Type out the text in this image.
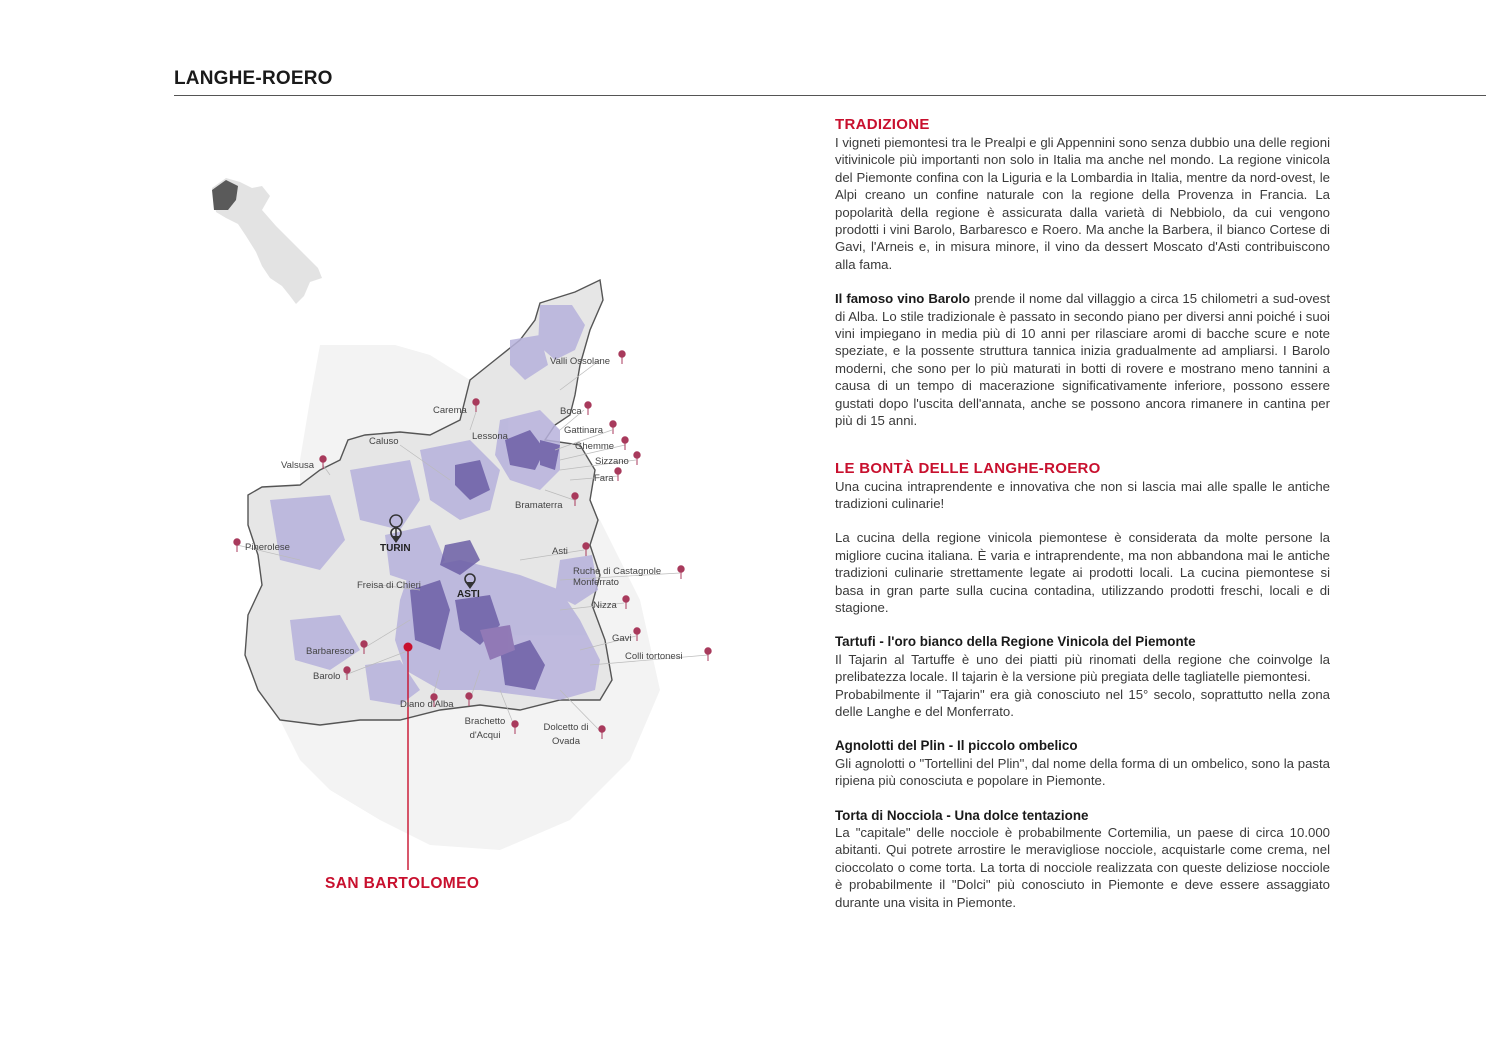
LANGHE-ROERO
Valli Ossolane
Carema	Boca
Caluso	Lessona
Gattinara
Ghemme
Valsusa	Sizzano
Fara
Bramaterra
Pinerolese	TURIN	Asti
Ruchè di Castagnole
Monferrato
Freisa di Chieri
ASTI
Nizza
Gavi
Colli tortonesi
Barbaresco
Barolo
Diano d'Alba
Brachetto
d'Acqui
Dolcetto di
Ovada
SAN BARTOLOMEO
TRADIZIONE

I vigneti piemontesi tra le Prealpi e gli Appennini sono senza dubbio una delle regioni vitivinicole più importanti non solo in Italia ma anche nel mondo. La regione vinicola del Piemonte confina con la Liguria e la Lombardia in Italia, mentre da nord-ovest, le Alpi creano un confine naturale con la regione della Provenza in Francia. La popolarità della regione è assicurata dalla varietà di Nebbiolo, da cui vengono prodotti i vini Barolo, Barbaresco e Roero. Ma anche la Barbera, il bianco Cortese di Gavi, l'Arneis e, in misura minore, il vino da dessert Moscato d'Asti contribuiscono alla fama.

Il famoso vino Barolo prende il nome dal villaggio a circa 15 chilometri a sud-ovest di Alba. Lo stile tradizionale è passato in secondo piano per diversi anni poiché i suoi vini impiegano in media più di 10 anni per rilasciare aromi di bacche scure e note speziate, e la possente struttura tannica inizia gradualmente ad ampliarsi. I Barolo moderni, che sono per lo più maturati in botti di rovere e mostrano meno tannini a causa di un tempo di macerazione significativamente inferiore, possono essere gustati dopo l'uscita dell'annata, anche se possono ancora rimanere in cantina per più di 15 anni.

LE BONTÀ DELLE LANGHE-ROERO

Una cucina intraprendente e innovativa che non si lascia mai alle spalle le antiche tradizioni culinarie!

La cucina della regione vinicola piemontese è considerata da molte persone la migliore cucina italiana. È varia e intraprendente, ma non abbandona mai le antiche tradizioni culinarie strettamente legate ai prodotti locali. La cucina piemontese si basa in gran parte sulla cucina contadina, utilizzando prodotti freschi, locali e di stagione.

Tartufi - l'oro bianco della Regione Vinicola del Piemonte

Il Tajarin al Tartuffe è uno dei piatti più rinomati della regione che coinvolge la prelibatezza locale. Il tajarin è la versione più pregiata delle tagliatelle piemontesi.

Probabilmente il "Tajarin" era già conosciuto nel 15° secolo, soprattutto nella zona delle Langhe e del Monferrato.

Agnolotti del Plin - Il piccolo ombelico

Gli agnolotti o "Tortellini del Plin", dal nome della forma di un ombelico, sono la pasta ripiena più conosciuta e popolare in Piemonte.

Torta di Nocciola - Una dolce tentazione

La "capitale" delle nocciole è probabilmente Cortemilia, un paese di circa 10.000 abitanti. Qui potrete arrostire le meravigliose nocciole, acquistarle come crema, nel cioccolato o come torta. La torta di nocciole realizzata con queste deliziose nocciole è probabilmente il "Dolci" più conosciuto in Piemonte e deve essere assaggiato durante una visita in Piemonte.
